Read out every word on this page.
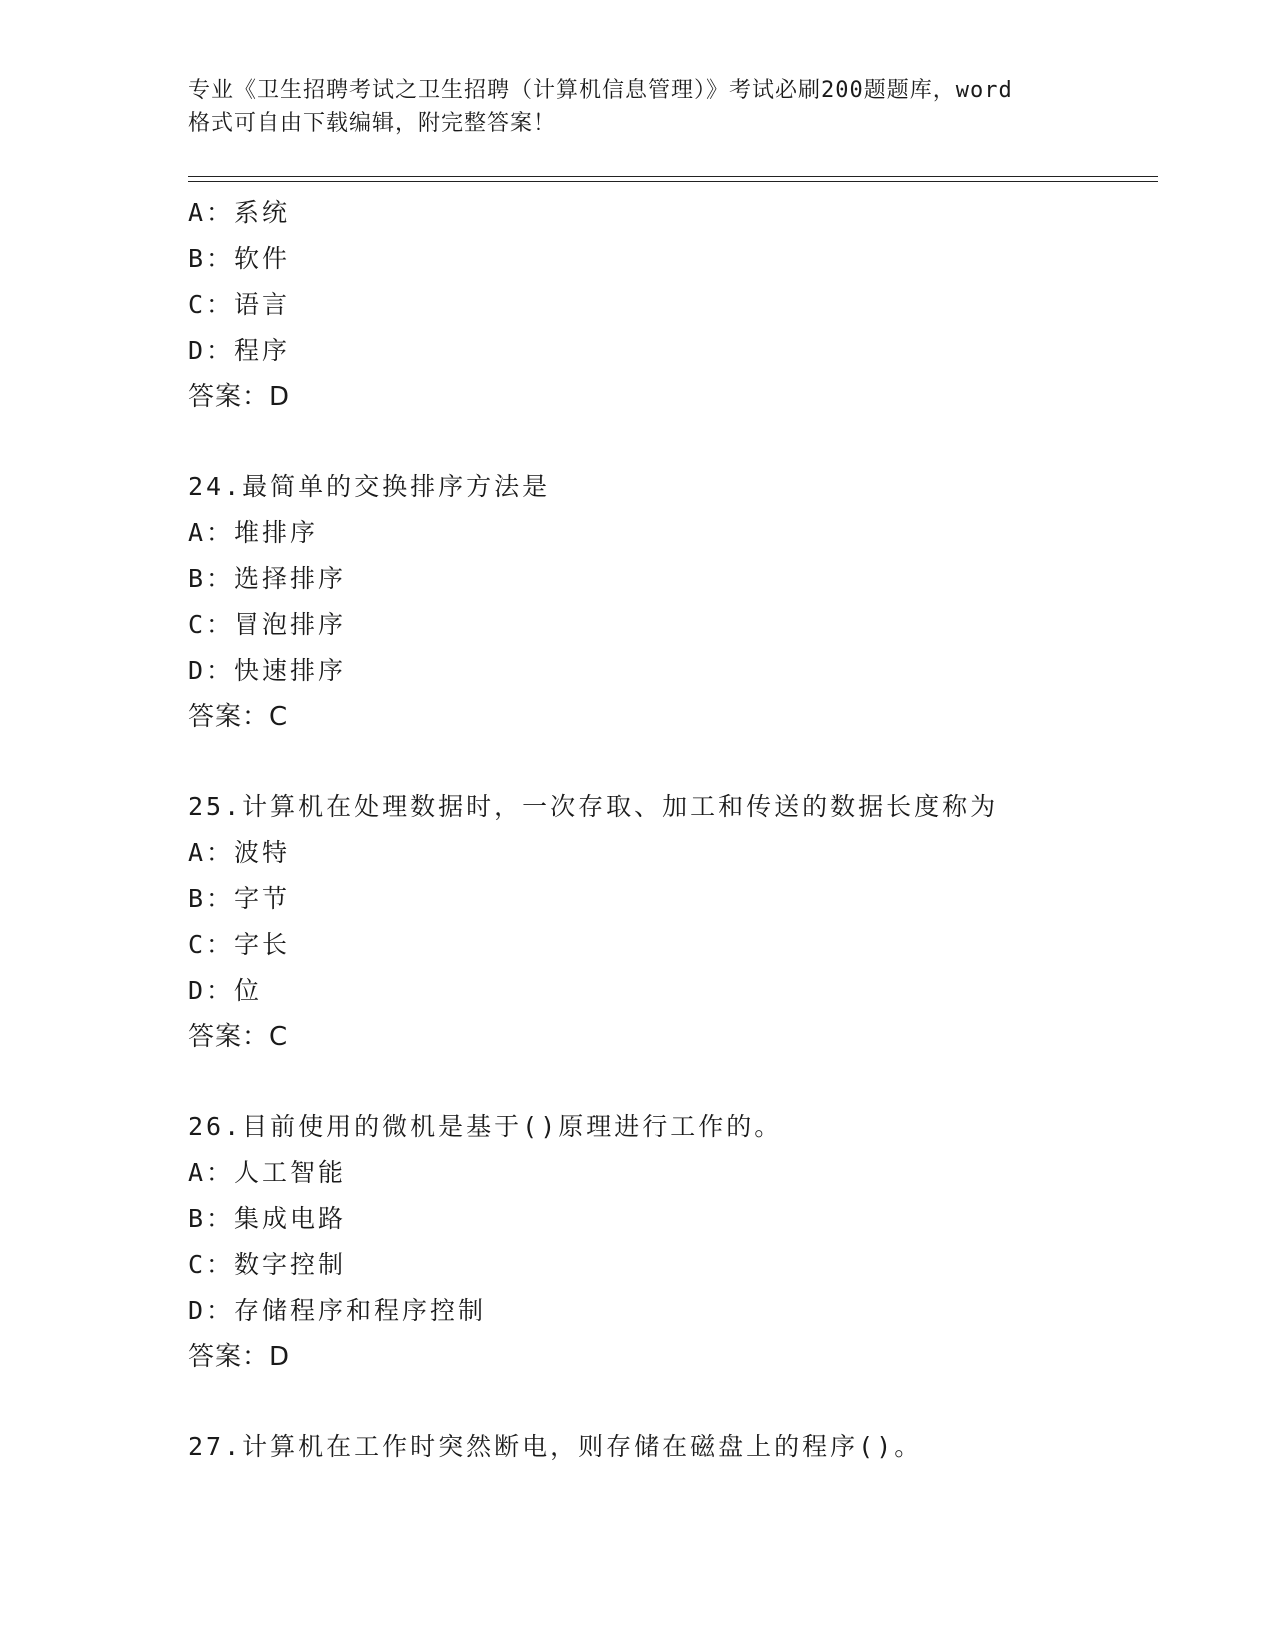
专业《卫生招聘考试之卫生招聘（计算机信息管理）》考试必刷200题题库，word
格式可自由下载编辑，附完整答案！
A：系统
B：软件
C：语言
D：程序
答案：D
24.最简单的交换排序方法是
A：堆排序
B：选择排序
C：冒泡排序
D：快速排序
答案：C
25.计算机在处理数据时，一次存取、加工和传送的数据长度称为
A：波特
B：字节
C：字长
D：位
答案：C
26.目前使用的微机是基于()原理进行工作的。
A：人工智能
B：集成电路
C：数字控制
D：存储程序和程序控制
答案：D
27.计算机在工作时突然断电，则存储在磁盘上的程序()。
